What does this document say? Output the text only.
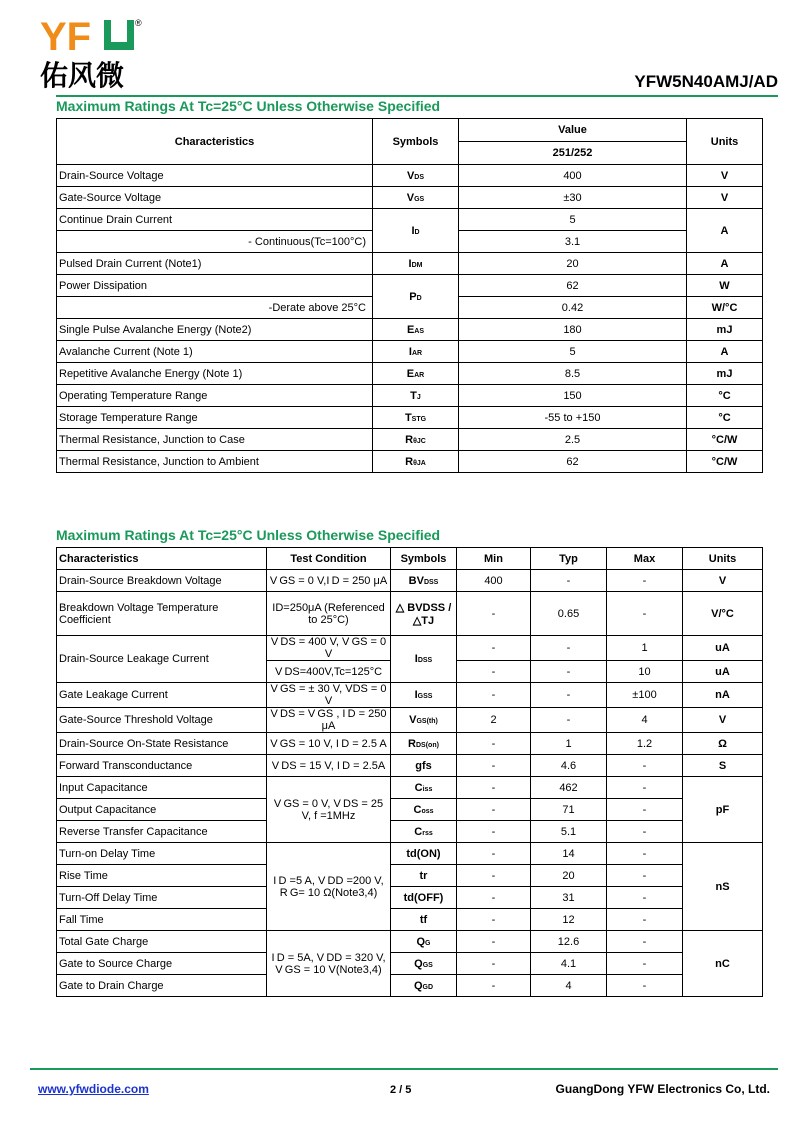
YF	®
佑风微	YFW5N40AMJ/AD
Maximum Ratings At Tc=25°C Unless Otherwise Specified
Characteristics	Symbols	Value	Units
		251/252	
Drain-Source Voltage	VDS	400	V
Gate-Source Voltage	VGS	±30	V
Continue Drain Current	ID	5	A
- Continuous(Tc=100°C)		3.1	
Pulsed Drain Current (Note1)	IDM	20	A
Power Dissipation	PD	62	W
-Derate above 25°C		0.42	W/°C
Single Pulse Avalanche Energy (Note2)	EAS	180	mJ
Avalanche Current (Note 1)	IAR	5	A
Repetitive Avalanche Energy (Note 1)	EAR	8.5	mJ
Operating Temperature Range	TJ	150	°C
Storage Temperature Range	TSTG	-55 to +150	°C
Thermal Resistance, Junction to Case	RθJC	2.5	°C/W
Thermal Resistance, Junction to Ambient	RθJA	62	°C/W
Maximum Ratings At Tc=25°C Unless Otherwise Specified
Characteristics	Test Condition	Symbols	Min	Typ	Max	Units
Drain-Source Breakdown Voltage	V GS = 0 V,I D = 250 μA	BVDSS	400	-	-	V
Breakdown Voltage Temperature Coefficient	ID=250μA (Referenced to 25°C)	△ BVDSS /△TJ	-	0.65	-	V/°C
Drain-Source Leakage Current	V DS = 400 V, V GS = 0 V	IDSS	-	-	1	uA
	V DS=400V,Tc=125°C		-	-	10	uA
Gate Leakage Current	V GS = ± 30 V, VDS = 0 V	IGSS	-	-	±100	nA
Gate-Source Threshold Voltage	V DS = V GS , I D = 250 μA	VGS(th)	2	-	4	V
Drain-Source On-State Resistance	V GS = 10 V, I D = 2.5 A	RDS(on)	-	1	1.2	Ω
Forward Transconductance	V DS = 15 V, I D = 2.5A	gfs	-	4.6	-	S
Input Capacitance	V GS = 0 V, V DS = 25 V, f =1MHz	Ciss	-	462	-	pF
Output Capacitance		Coss	-	71	-	
Reverse Transfer Capacitance		Crss	-	5.1	-	
Turn-on Delay Time	I D =5 A, V DD =200 V, R G= 10 Ω(Note3,4)	td(ON)	-	14	-	nS
Rise Time		tr	-	20	-	
Turn-Off Delay Time		td(OFF)	-	31	-	
Fall Time		tf	-	12	-	
Total Gate Charge	I D = 5A, V DD = 320 V, V GS = 10 V(Note3,4)	QG	-	12.6	-	nC
Gate to Source Charge		QGS	-	4.1	-	
Gate to Drain Charge		QGD	-	4	-	
www.yfwdiode.com	2 / 5	GuangDong YFW Electronics Co, Ltd.
